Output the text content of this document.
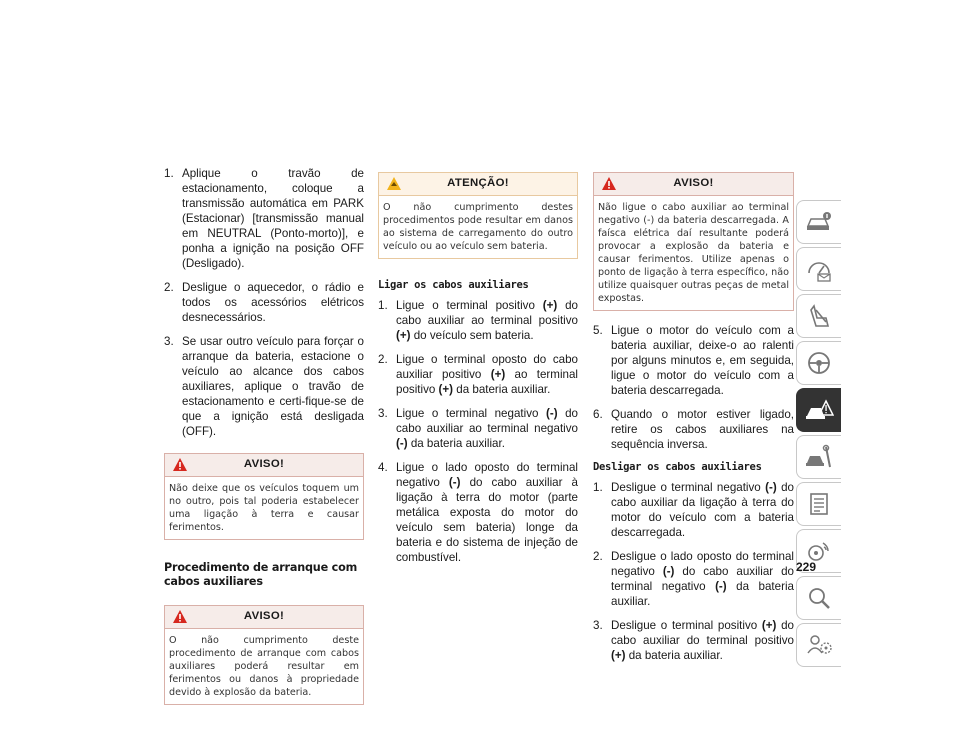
1. Aplique o travão de estacionamento, coloque a transmissão automática em PARK (Estacionar) [transmissão manual em NEUTRAL (Ponto-morto)], e ponha a ignição na posição OFF (Desligado).
2. Desligue o aquecedor, o rádio e todos os acessórios elétricos desnecessários.
3. Se usar outro veículo para forçar o arranque da bateria, estacione o veículo ao alcance dos cabos auxiliares, aplique o travão de estacionamento e certi-fique-se de que a ignição está desligada (OFF).
AVISO!
Não deixe que os veículos toquem um no outro, pois tal poderia estabelecer uma ligação à terra e causar ferimentos.
Procedimento de arranque com cabos auxiliares
AVISO!
O não cumprimento deste procedimento de arranque com cabos auxiliares poderá resultar em ferimentos ou danos à propriedade devido à explosão da bateria.
ATENÇÃO!
O não cumprimento destes procedimentos pode resultar em danos ao sistema de carregamento do outro veículo ou ao veículo sem bateria.
Ligar os cabos auxiliares
1. Ligue o terminal positivo (+) do cabo auxiliar ao terminal positivo (+) do veículo sem bateria.
2. Ligue o terminal oposto do cabo auxiliar positivo (+) ao terminal positivo (+) da bateria auxiliar.
3. Ligue o terminal negativo (-) do cabo auxiliar ao terminal negativo (-) da bateria auxiliar.
4. Ligue o lado oposto do terminal negativo (-) do cabo auxiliar à ligação à terra do motor (parte metálica exposta do motor do veículo sem bateria) longe da bateria e do sistema de injeção de combustível.
AVISO!
Não ligue o cabo auxiliar ao terminal negativo (-) da bateria descarregada. A faísca elétrica daí resultante poderá provocar a explosão da bateria e causar ferimentos. Utilize apenas o ponto de ligação à terra específico, não utilize quaisquer outras peças de metal expostas.
5. Ligue o motor do veículo com a bateria auxiliar, deixe-o ao ralenti por alguns minutos e, em seguida, ligue o motor do veículo com a bateria descarregada.
6. Quando o motor estiver ligado, retire os cabos auxiliares na sequência inversa.
Desligar os cabos auxiliares
1. Desligue o terminal negativo (-) do cabo auxiliar da ligação à terra do motor do veículo com a bateria descarregada.
2. Desligue o lado oposto do terminal negativo (-) do cabo auxiliar do terminal negativo (-) da bateria auxiliar.
3. Desligue o terminal positivo (+) do cabo auxiliar do terminal positivo (+) da bateria auxiliar.
229
